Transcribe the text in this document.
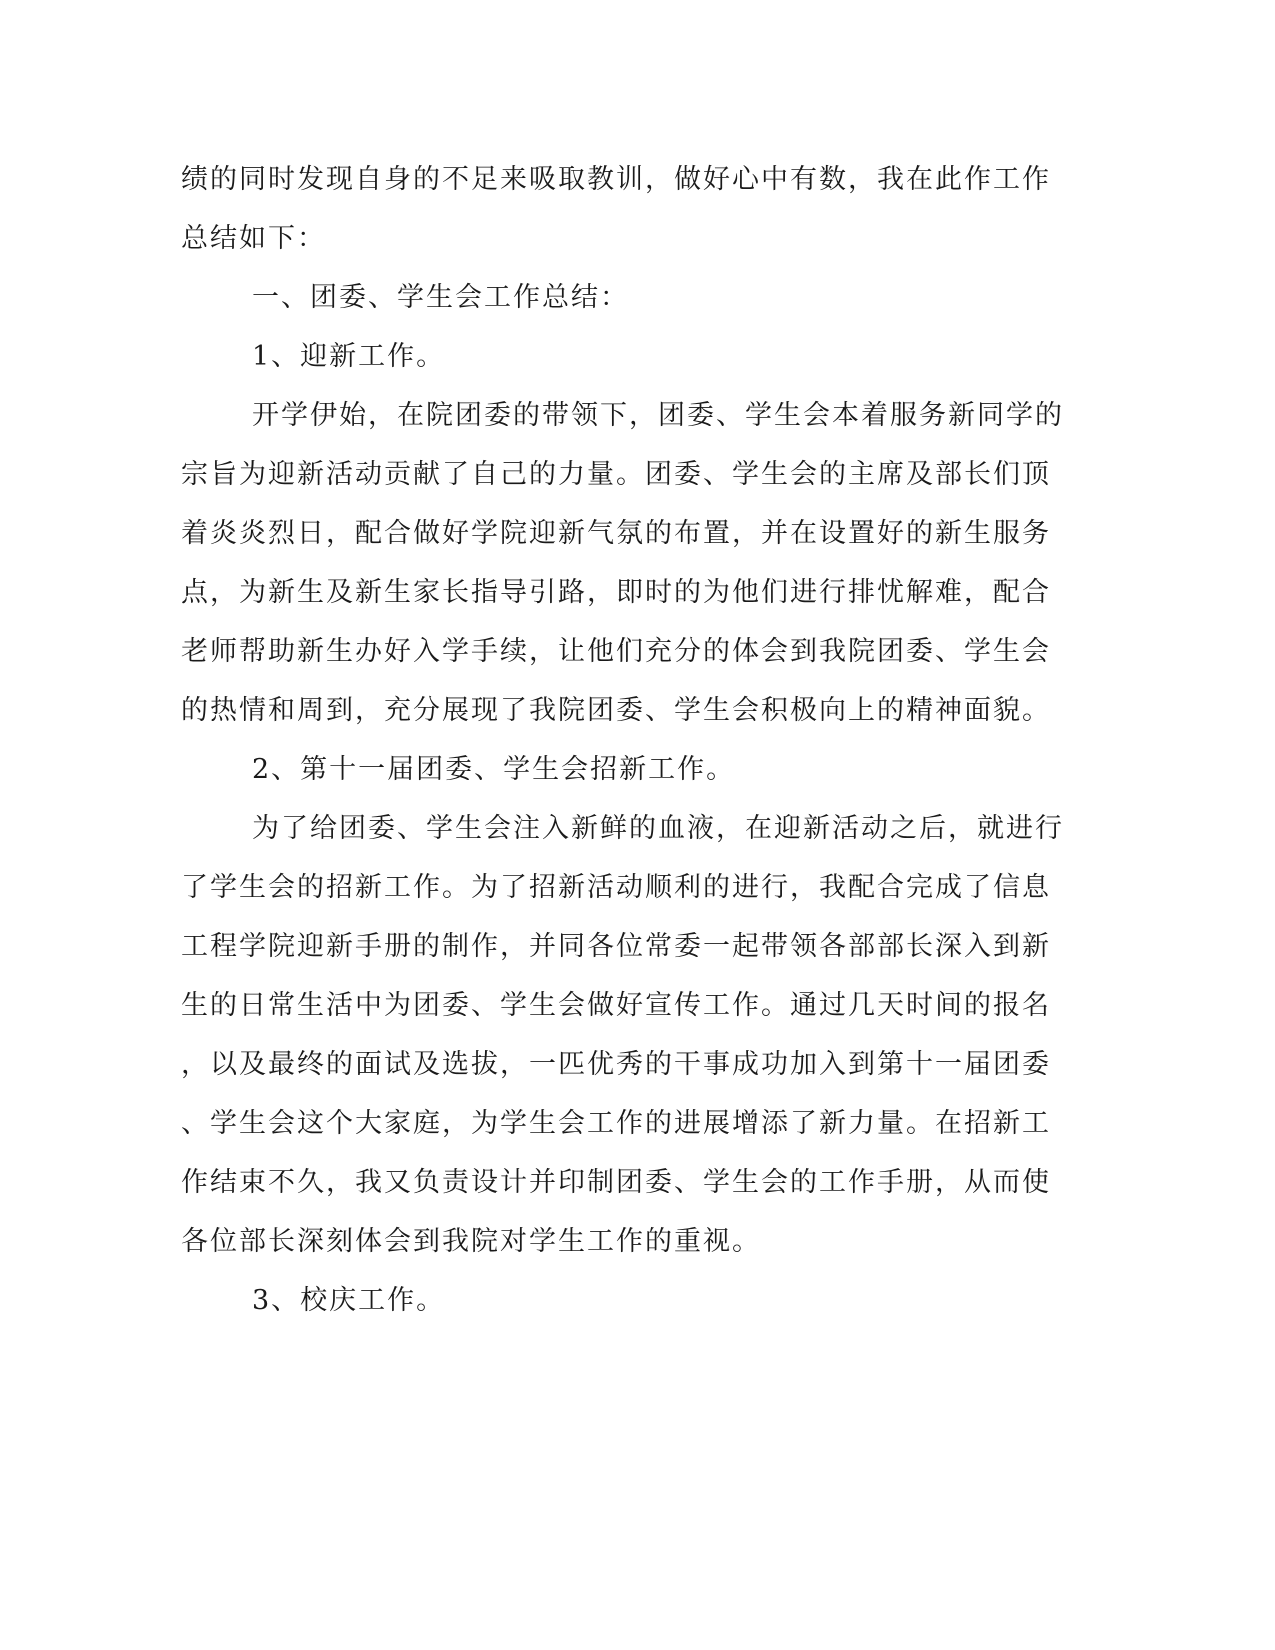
绩的同时发现自身的不足来吸取教训，做好心中有数，我在此作工作
总结如下：
一、团委、学生会工作总结：
1、迎新工作。
开学伊始，在院团委的带领下，团委、学生会本着服务新同学的
宗旨为迎新活动贡献了自己的力量。团委、学生会的主席及部长们顶
着炎炎烈日，配合做好学院迎新气氛的布置，并在设置好的新生服务
点，为新生及新生家长指导引路，即时的为他们进行排忧解难，配合
老师帮助新生办好入学手续，让他们充分的体会到我院团委、学生会
的热情和周到，充分展现了我院团委、学生会积极向上的精神面貌。
2、第十一届团委、学生会招新工作。
为了给团委、学生会注入新鲜的血液，在迎新活动之后，就进行
了学生会的招新工作。为了招新活动顺利的进行，我配合完成了信息
工程学院迎新手册的制作，并同各位常委一起带领各部部长深入到新
生的日常生活中为团委、学生会做好宣传工作。通过几天时间的报名
，以及最终的面试及选拔，一匹优秀的干事成功加入到第十一届团委
、学生会这个大家庭，为学生会工作的进展增添了新力量。在招新工
作结束不久，我又负责设计并印制团委、学生会的工作手册，从而使
各位部长深刻体会到我院对学生工作的重视。
3、校庆工作。
